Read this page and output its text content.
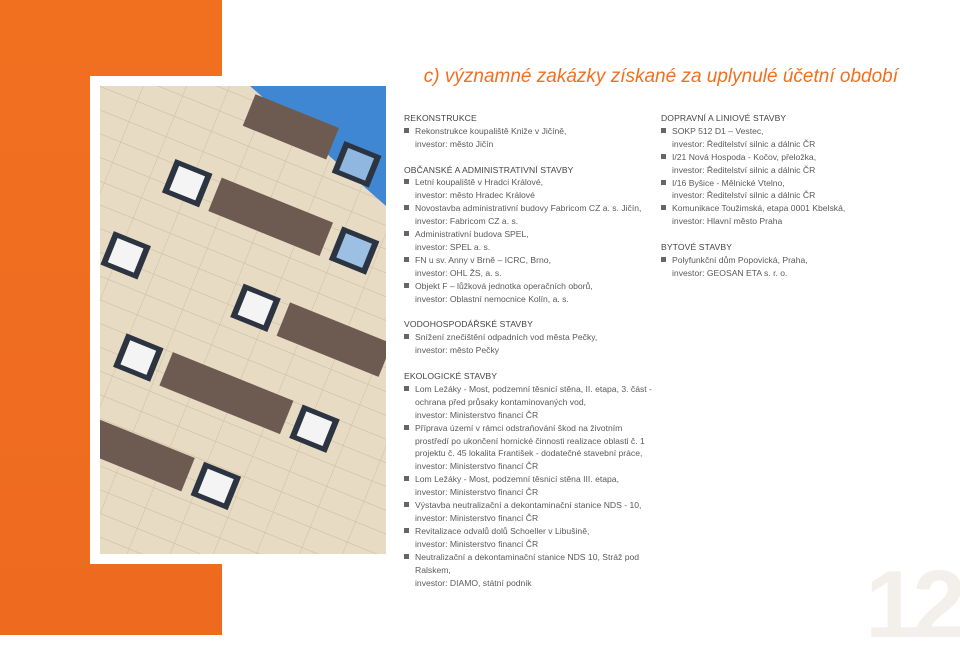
c) významné zakázky získané za uplynulé účetní období
REKONSTRUKCE
Rekonstrukce koupaliště Kniže v Jičíně,
investor: město Jičín
OBČANSKÉ A ADMINISTRATIVNÍ STAVBY
Letní koupaliště v Hradci Králové,
investor: město Hradec Králové
Novostavba administrativní budovy Fabricom CZ a. s. Jičín,
investor: Fabricom CZ a. s.
Administrativní budova SPEL,
investor: SPEL a. s.
FN u sv. Anny v Brně – ICRC, Brno,
investor: OHL ŽS, a. s.
Objekt F – lůžková jednotka operačních oborů,
investor: Oblastní nemocnice Kolín, a. s.
VODOHOSPODÁŘSKÉ STAVBY
Snížení znečištění odpadních vod města Pečky,
investor: město Pečky
EKOLOGICKÉ STAVBY
Lom Ležáky - Most, podzemní těsnicí stěna, II. etapa, 3. část - ochrana před průsaky kontaminovaných vod,
investor: Ministerstvo financí ČR
Příprava území v rámci odstraňování škod na životním prostředí po ukončení hornické činnosti realizace oblasti č. 1 projektu č. 45 lokalita František - dodatečné stavební práce,
investor: Ministerstvo financí ČR
Lom Ležáky - Most, podzemní těsnicí stěna III. etapa,
investor: Ministerstvo financí ČR
Výstavba neutralizační a dekontaminační stanice NDS - 10,
investor: Ministerstvo financí ČR
Revitalizace odvalů dolů Schoeller v Libušině,
investor: Ministerstvo financí ČR
Neutralizační a dekontaminační stanice NDS 10, Stráž pod Ralskem,
investor: DIAMO, státní podnik
DOPRAVNÍ A LINIOVÉ STAVBY
SOKP 512 D1 – Vestec,
investor: Ředitelství silnic a dálnic ČR
I/21 Nová Hospoda - Kočov, přeložka,
investor: Ředitelství silnic a dálnic ČR
I/16 Byšice - Mělnické Vtelno,
investor: Ředitelství silnic a dálnic ČR
Komunikace Toužimská, etapa 0001 Kbelská,
investor: Hlavní město Praha
BYTOVÉ STAVBY
Polyfunkční dům Popovická, Praha,
investor: GEOSAN ETA s. r. o.
12
